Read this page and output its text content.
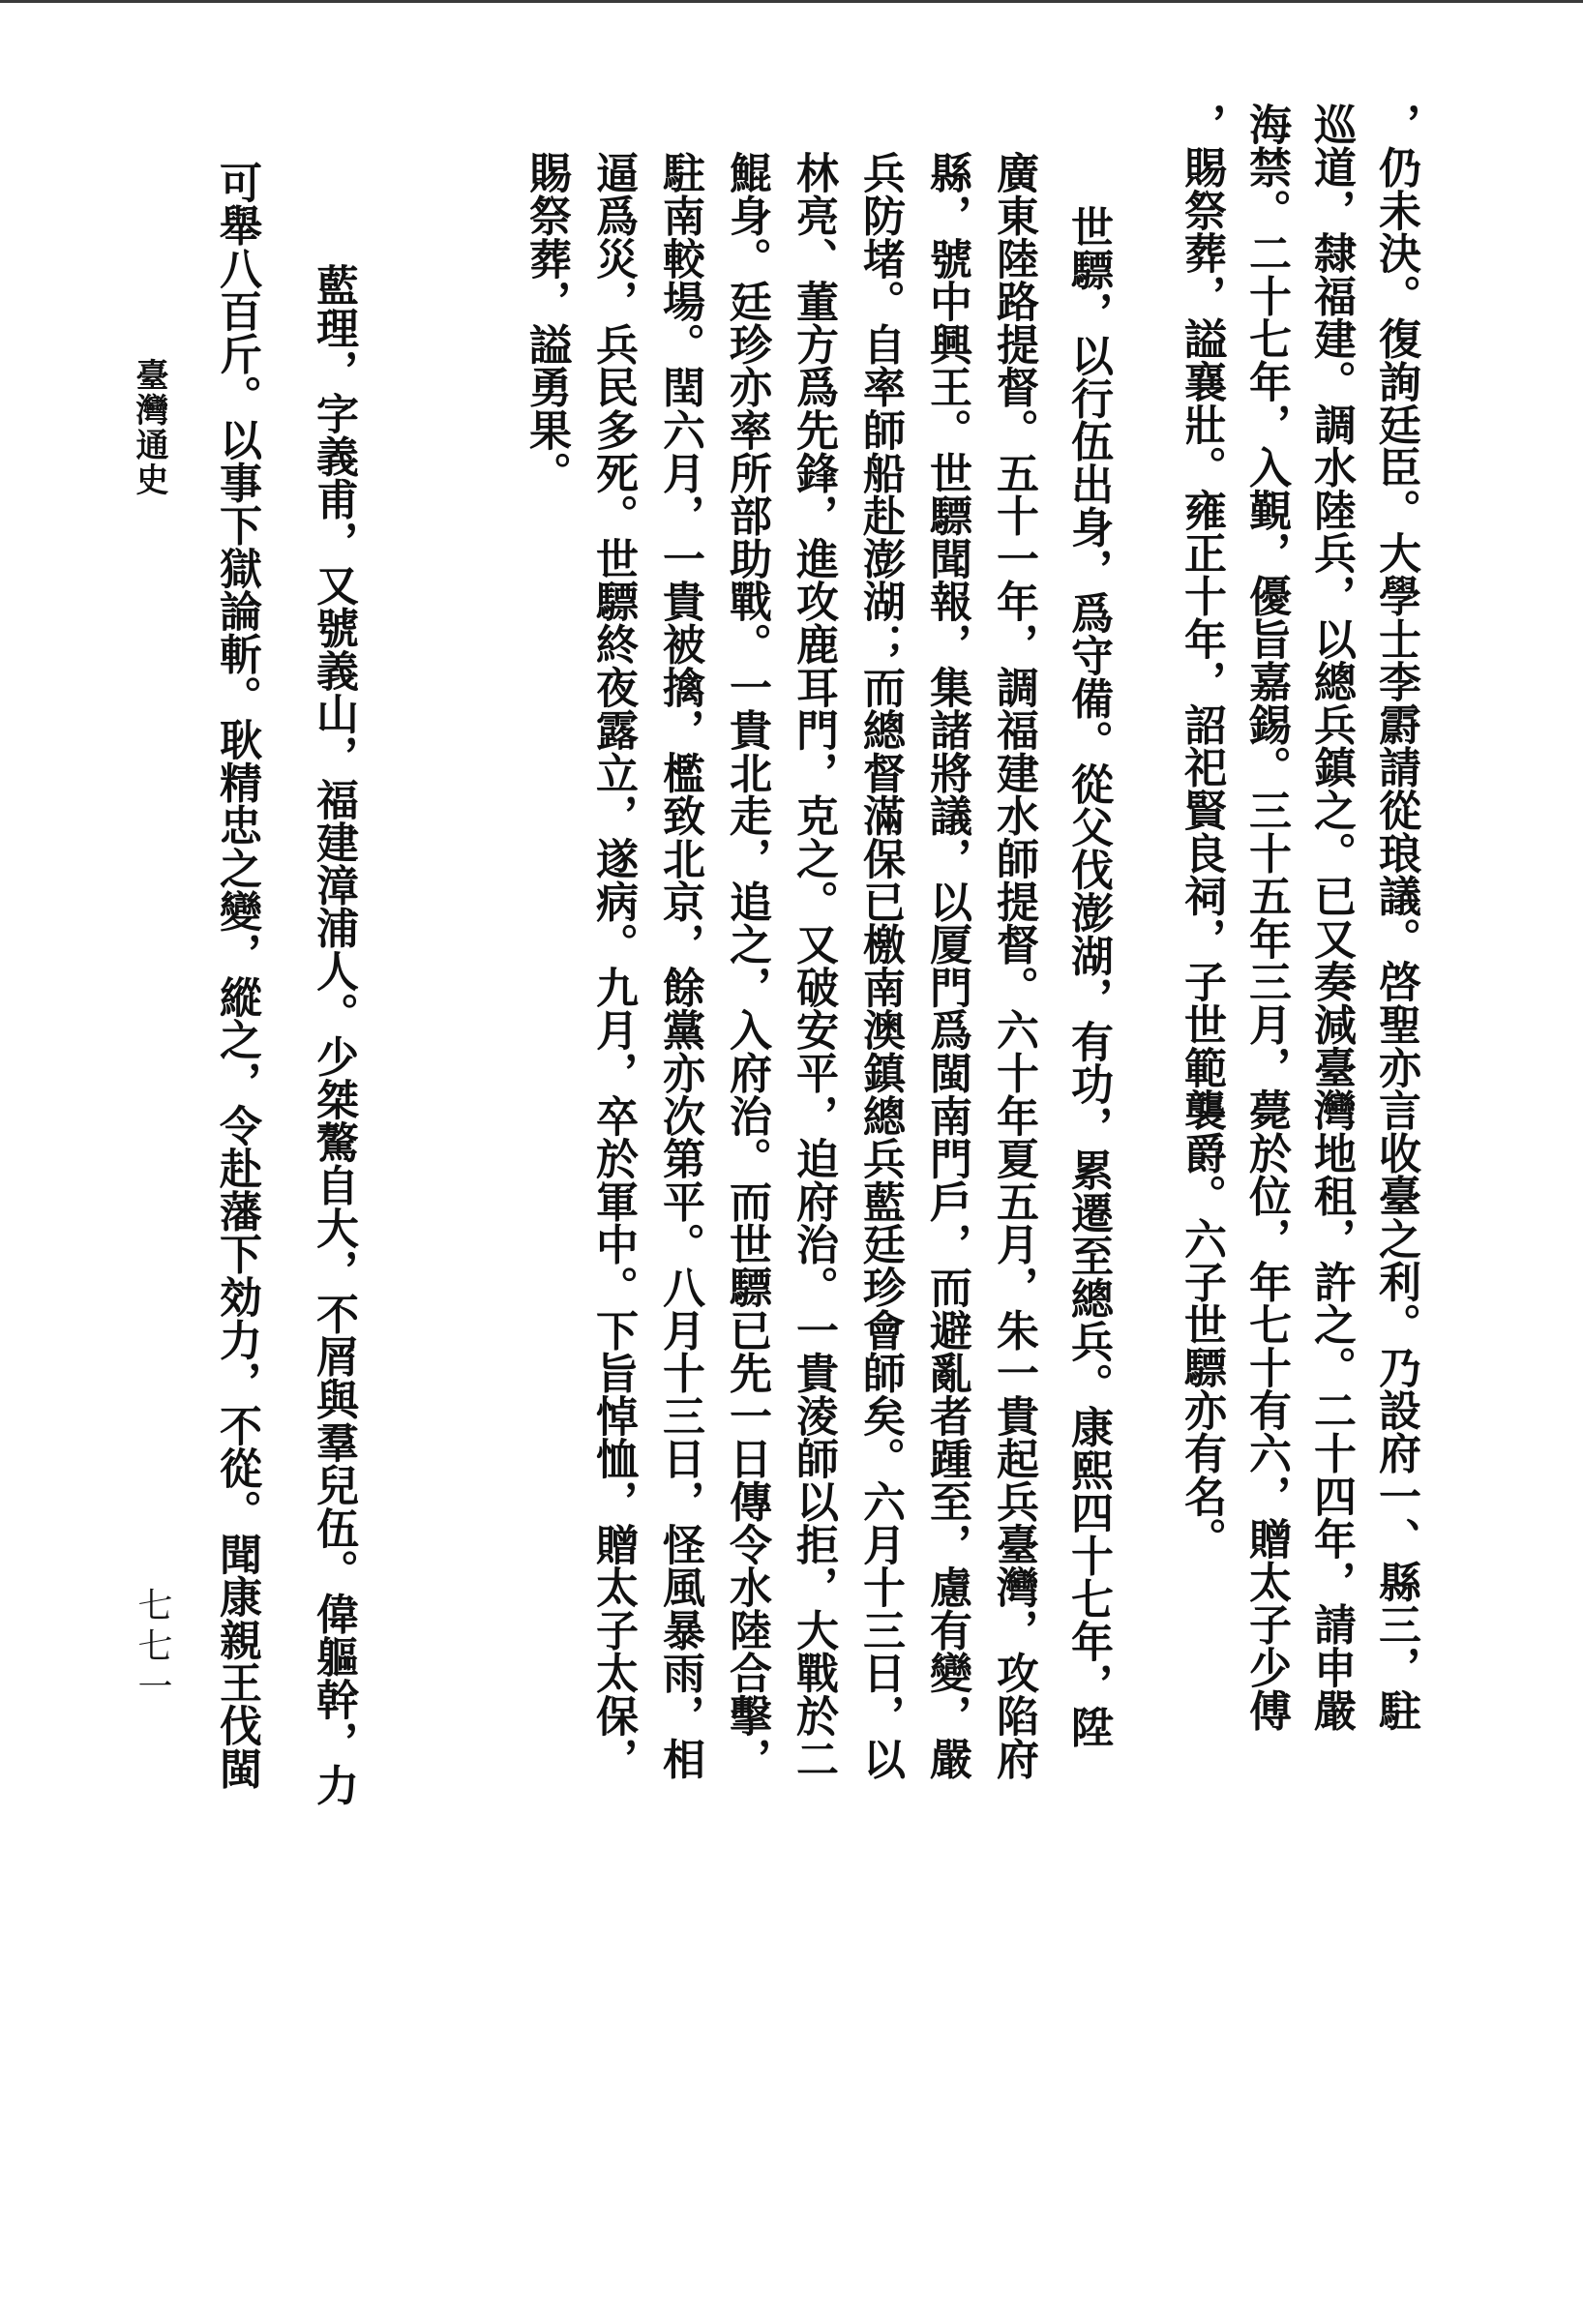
，仍未決。復詢廷臣。大學士李霨請從琅議。啓聖亦言收臺之利。乃設府一、縣三，駐
巡道，隸福建。調水陸兵，以總兵鎮之。已又奏減臺灣地租，許之。二十四年，請申嚴
海禁。二十七年，入覲，優旨嘉錫。三十五年三月，薨於位，年七十有六，贈太子少傅
，賜祭葬，謚襄壯。雍正十年，詔祀賢良祠，子世範襲爵。六子世驃亦有名。
世驃，以行伍出身，爲守備。從父伐澎湖，有功，累遷至總兵。康熙四十七年，陞
廣東陸路提督。五十一年，調福建水師提督。六十年夏五月，朱一貴起兵臺灣，攻陷府
縣，號中興王。世驃聞報，集諸將議，以厦門爲閩南門戶，而避亂者踵至，慮有變，嚴
兵防堵。自率師船赴澎湖；而總督滿保已檄南澳鎮總兵藍廷珍會師矣。六月十三日，以
林亮、董方爲先鋒，進攻鹿耳門，克之。又破安平，迫府治。一貴淩師以拒，大戰於二
鯤身。廷珍亦率所部助戰。一貴北走，追之，入府治。而世驃已先一日傳令水陸合擊，
駐南較場。閏六月，一貴被擒，檻致北京，餘黨亦次第平。八月十三日，怪風暴雨，相
逼爲災，兵民多死。世驃終夜露立，遂病。九月，卒於軍中。下旨悼恤，贈太子太保，
賜祭葬，謚勇果。
藍理，字義甫，又號義山，福建漳浦人。少桀驁自大，不屑與羣兒伍。偉軀幹，力
可舉八百斤。以事下獄論斬。耿精忠之變，縱之，令赴藩下効力，不從。聞康親王伐閩
臺灣通史
七七一
